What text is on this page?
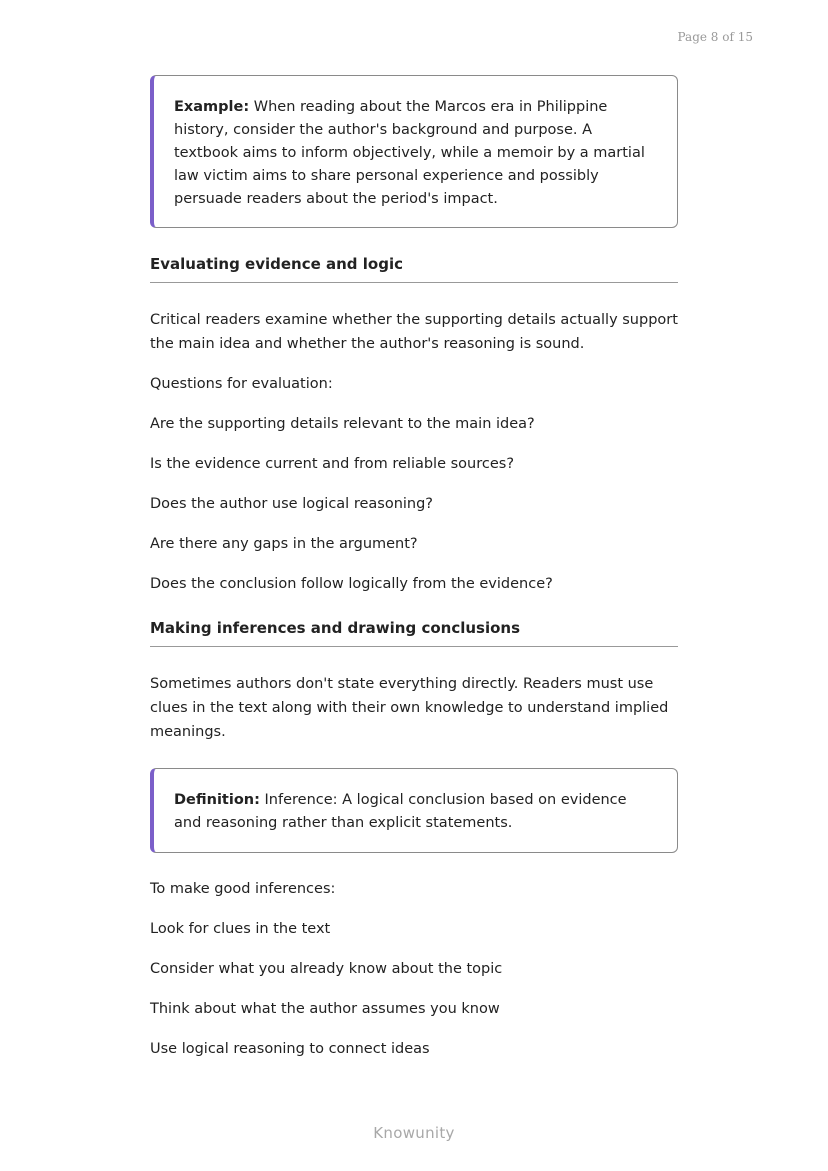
Page 8 of 15
Example: When reading about the Marcos era in Philippine history, consider the author's background and purpose. A textbook aims to inform objectively, while a memoir by a martial law victim aims to share personal experience and possibly persuade readers about the period's impact.
Evaluating evidence and logic

Critical readers examine whether the supporting details actually support the main idea and whether the author's reasoning is sound.

Questions for evaluation:

Are the supporting details relevant to the main idea?

Is the evidence current and from reliable sources?

Does the author use logical reasoning?

Are there any gaps in the argument?

Does the conclusion follow logically from the evidence?

Making inferences and drawing conclusions

Sometimes authors don't state everything directly. Readers must use clues in the text along with their own knowledge to understand implied meanings.

Definition: Inference: A logical conclusion based on evidence and reasoning rather than explicit statements.

To make good inferences:

Look for clues in the text

Consider what you already know about the topic

Think about what the author assumes you know

Use logical reasoning to connect ideas

Knowunity
